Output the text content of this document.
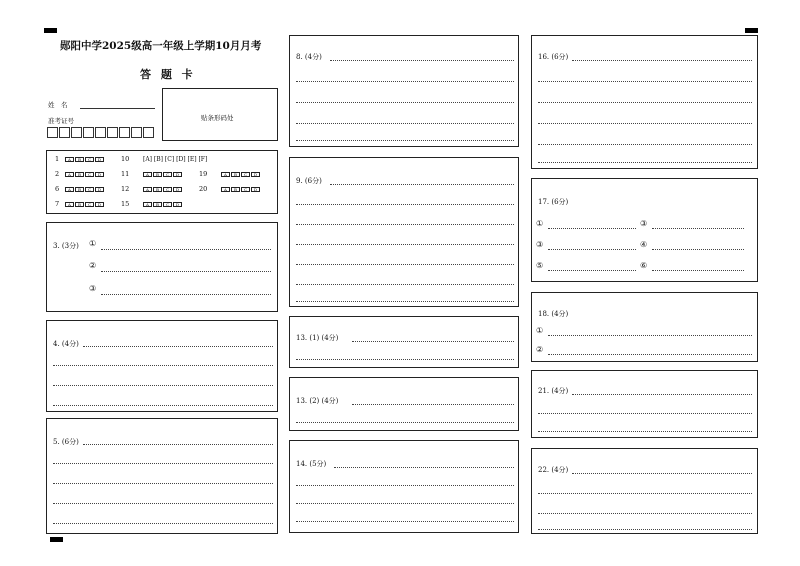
郧阳中学2025级高一年级上学期10月月考
答 题 卡
姓　名
准考证号	贴条形码处
1	A	B	C	D	10	[A] [B] [C] [D] [E] [F]
2	A	B	C	D	11	A	B	C	D	19	A	B	C	D
6	A	B	C	D	12	A	B	C	D	20	A	B	C	D
7	A	B	C	D	15	A	B	C	D
3. (3分) ①
②
③
4. (4分)
5. (6分)
8. (4分)
9. (6分)
13. (1) (4分)
13. (2) (4分)
14. (5分)
16. (6分)
17. (6分)
①	③
③	④
⑤	⑥
18. (4分)
①
②
21. (4分)
22. (4分)
